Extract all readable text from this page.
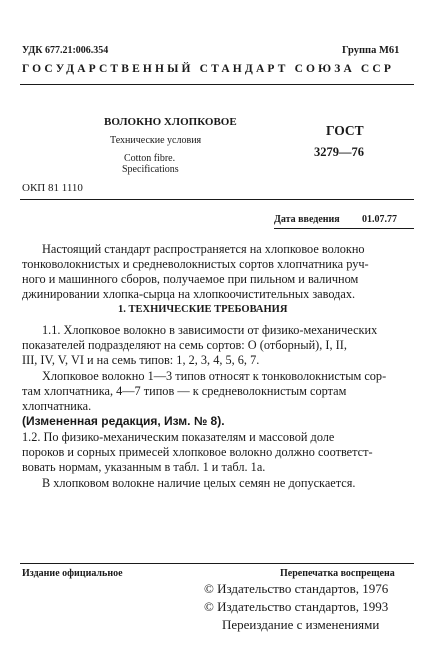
УДК 677.21:006.354	Группа М61
ГОСУДАРСТВЕННЫЙ СТАНДАРТ СОЮЗА ССР
ВОЛОКНО ХЛОПКОВОЕ
Технические условия
Cotton fibre.
Specifications
ГОСТ
3279—76
ОКП 81 1110
Дата введения 01.07.77
Настоящий стандарт распространяется на хлопковое волокно
тонковолокнистых и средневолокнистых сортов хлопчатника руч-
ного и машинного сборов, получаемое при пильном и валичном
джинировании хлопка-сырца на хлопкоочистительных заводах.
1. ТЕХНИЧЕСКИЕ ТРЕБОВАНИЯ
1.1. Хлопковое волокно в зависимости от физико-механических
показателей подразделяют на семь сортов: О (отборный), I, II,
III, IV, V, VI и на семь типов: 1, 2, 3, 4, 5, 6, 7.
Хлопковое волокно 1—3 типов относят к тонковолокнистым сор-
там хлопчатника, 4—7 типов — к средневолокнистым сортам
хлопчатника.
(Измененная редакция, Изм. № 8).
1.2. По физико-механическим показателям и массовой доле
пороков и сорных примесей хлопковое волокно должно соответст-
вовать нормам, указанным в табл. 1 и табл. 1а.
В хлопковом волокне наличие целых семян не допускается.
Издание официальное	Перепечатка воспрещена
© Издательство стандартов, 1976
© Издательство стандартов, 1993
Переиздание с изменениями
